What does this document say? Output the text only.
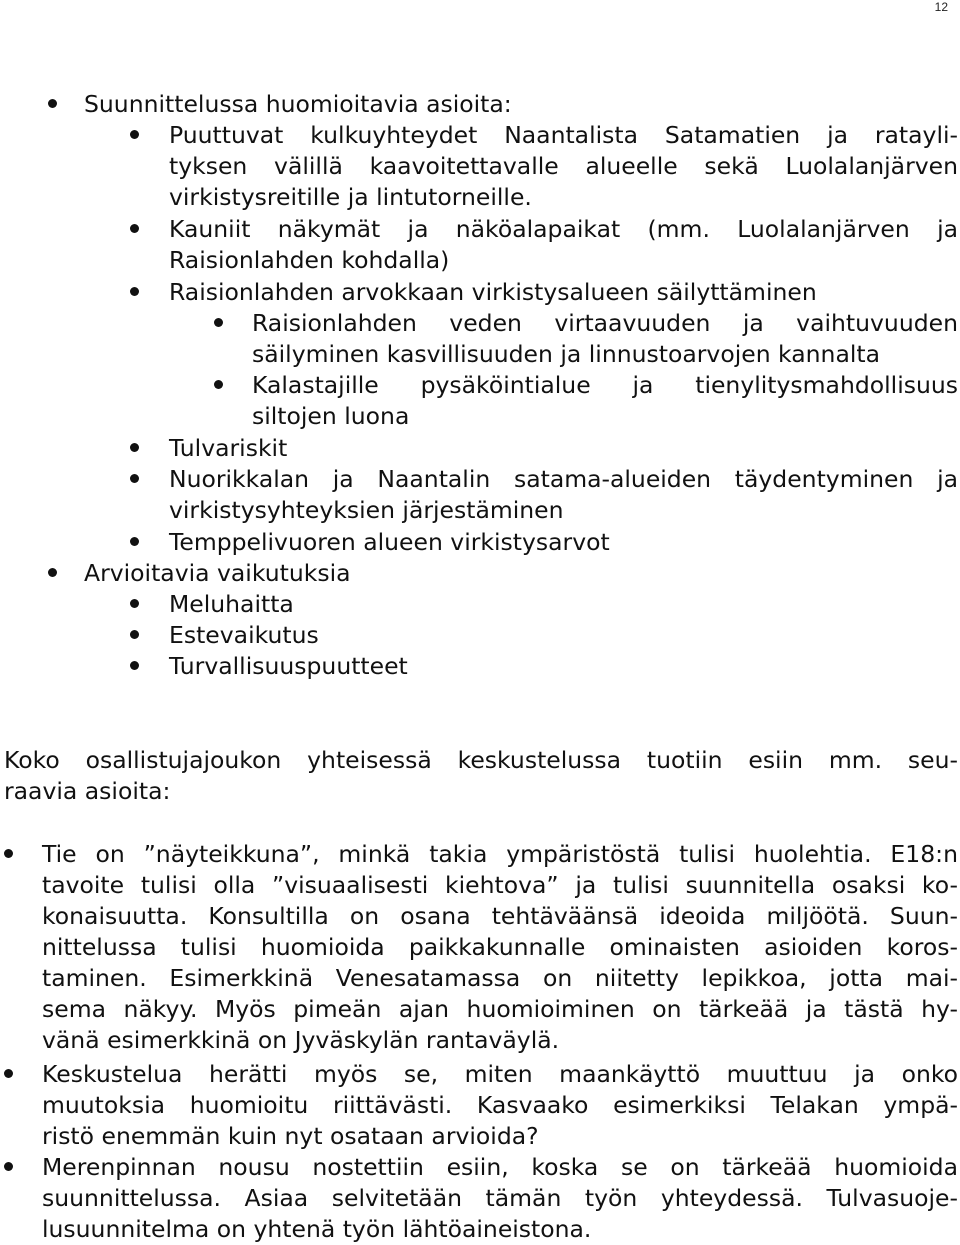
12
Suunnittelussa huomioitavia asioita:
Puuttuvat kulkuyhteydet Naantalista Satamatien ja ratayli-
tyksen välillä kaavoitettavalle alueelle sekä Luolalanjärven
virkistysreitille ja lintutorneille.
Kauniit näkymät ja näköalapaikat (mm. Luolalanjärven ja
Raisionlahden kohdalla)
Raisionlahden arvokkaan virkistysalueen säilyttäminen
Raisionlahden veden virtaavuuden ja vaihtuvuuden
säilyminen kasvillisuuden ja linnustoarvojen kannalta
Kalastajille pysäköintialue ja tienylitysmahdollisuus
siltojen luona
Tulvariskit
Nuorikkalan ja Naantalin satama-alueiden täydentyminen ja
virkistysyhteyksien järjestäminen
Temppelivuoren alueen virkistysarvot
Arvioitavia vaikutuksia
Meluhaitta
Estevaikutus
Turvallisuuspuutteet
Koko osallistujajoukon yhteisessä keskustelussa tuotiin esiin mm. seu-
raavia asioita:
Tie on ”näyteikkuna”, minkä takia ympäristöstä tulisi huolehtia. E18:n
tavoite tulisi olla ”visuaalisesti kiehtova” ja tulisi suunnitella osaksi ko-
konaisuutta. Konsultilla on osana tehtäväänsä ideoida miljöötä. Suun-
nittelussa tulisi huomioida paikkakunnalle ominaisten asioiden koros-
taminen. Esimerkkinä Venesatamassa on niitetty lepikkoa, jotta mai-
sema näkyy. Myös pimeän ajan huomioiminen on tärkeää ja tästä hy-
vänä esimerkkinä on Jyväskylän rantaväylä.
Keskustelua herätti myös se, miten maankäyttö muuttuu ja onko
muutoksia huomioitu riittävästi. Kasvaako esimerkiksi Telakan ympä-
ristö enemmän kuin nyt osataan arvioida?
Merenpinnan nousu nostettiin esiin, koska se on tärkeää huomioida
suunnittelussa. Asiaa selvitetään tämän työn yhteydessä. Tulvasuoje-
lusuunnitelma on yhtenä työn lähtöaineistona.
